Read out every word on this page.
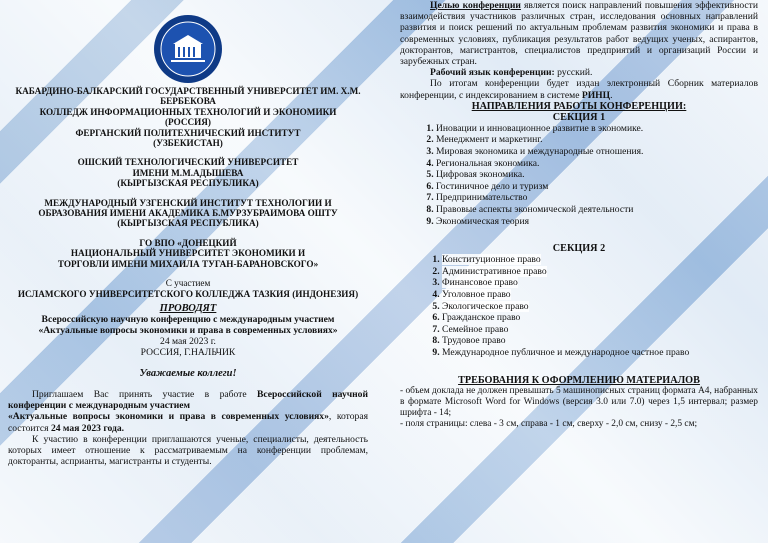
КАБАРДИНО-БАЛКАРСКИЙ ГОСУДАРСТВЕННЫЙ УНИВЕРСИТЕТ ИМ. Х.М.

БЕРБЕКОВА

КОЛЛЕДЖ ИНФОРМАЦИОННЫХ ТЕХНОЛОГИЙ И ЭКОНОМИКИ

(РОССИЯ)

ФЕРГАНСКИЙ ПОЛИТЕХНИЧЕСКИЙ ИНСТИТУТ

(УЗБЕКИСТАН)

ОШСКИЙ ТЕХНОЛОГИЧЕСКИЙ УНИВЕРСИТЕТ

ИМЕНИ М.М.АДЫШЕВА

(КЫРГЫЗСКАЯ РЕСПУБЛИКА)

МЕЖДУНАРОДНЫЙ УЗГЕНСКИЙ ИНСТИТУТ ТЕХНОЛОГИИ И

ОБРАЗОВАНИЯ ИМЕНИ АКАДЕМИКА Б.МУРЗУБРАИМОВА ОШТУ

(КЫРГЫЗСКАЯ РЕСПУБЛИКА)

ГО ВПО «ДОНЕЦКИЙ

НАЦИОНАЛЬНЫЙ УНИВЕРСИТЕТ ЭКОНОМИКИ И

ТОРГОВЛИ ИМЕНИ МИХАИЛА ТУГАН-БАРАНОВСКОГО»

С участием

ИСЛАМСКОГО УНИВЕРСИТЕТСКОГО КОЛЛЕДЖА ТАЗКИЯ (ИНДОНЕЗИЯ)

ПРОВОДЯТ

Всероссийскую научную конференцию с международным участием

«Актуальные вопросы экономики и права в современных условиях»

24 мая 2023 г.

РОССИЯ, Г.НАЛЬЧИК

Уважаемые коллеги!

Приглашаем Вас принять участие в работе Всероссийской научной конференции с международным участием
«Актуальные вопросы экономики и права в современных условиях», которая состоится 24 мая 2023 года.

К участию в конференции приглашаются ученые, специалисты, деятельность которых имеет отношение к рассматриваемым на конференции проблемам, докторанты, асприанты, магистранты и студенты.

Целью конференции является поиск направлений повышения эффективности взаимодействия участников различных стран, исследования основных направлений развития и поиск решений по актуальным проблемам развития экономики и права в современных условиях, публикация результатов работ ведущих ученых, аспирантов, докторантов, магистрантов, специалистов предприятий и организаций России и зарубежных стран.

Рабочий язык конференции: русский.

По итогам конференции будет издан электронный Сборник материалов конференции, с индексированием в системе РИНЦ.

НАПРАВЛЕНИЯ РАБОТЫ КОНФЕРЕНЦИИ:

СЕКЦИЯ 1

1. Иновации и инновационное развитие в экономике.
2. Менеджмент и маркетинг.
3. Мировая экономика и международные отношения.
4. Региональная экономика.
5. Цифровая экономика.
6. Гостиничное дело и туризм
7. Предпринимательство
8. Правовые аспекты экономической деятельности
9. Экономическая теория

СЕКЦИЯ 2

1. Конституционное право
2. Административное право
3. Финансовое право
4. Уголовное право
5. Экологическое право
6. Гражданское право
7. Семейное право
8. Трудовое право
9. Международное публичное и международное частное право

ТРЕБОВАНИЯ К ОФОРМЛЕНИЮ МАТЕРИАЛОВ

- объем доклада не должен превышать 5 машинописных страниц формата А4, набранных в формате Microsoft Word for Windows (версия 3.0 или 7.0) через 1,5 интервал; размер шрифта - 14;

- поля страницы: слева - 3 см, справа - 1 см, сверху - 2,0 см, снизу - 2,5 см;
